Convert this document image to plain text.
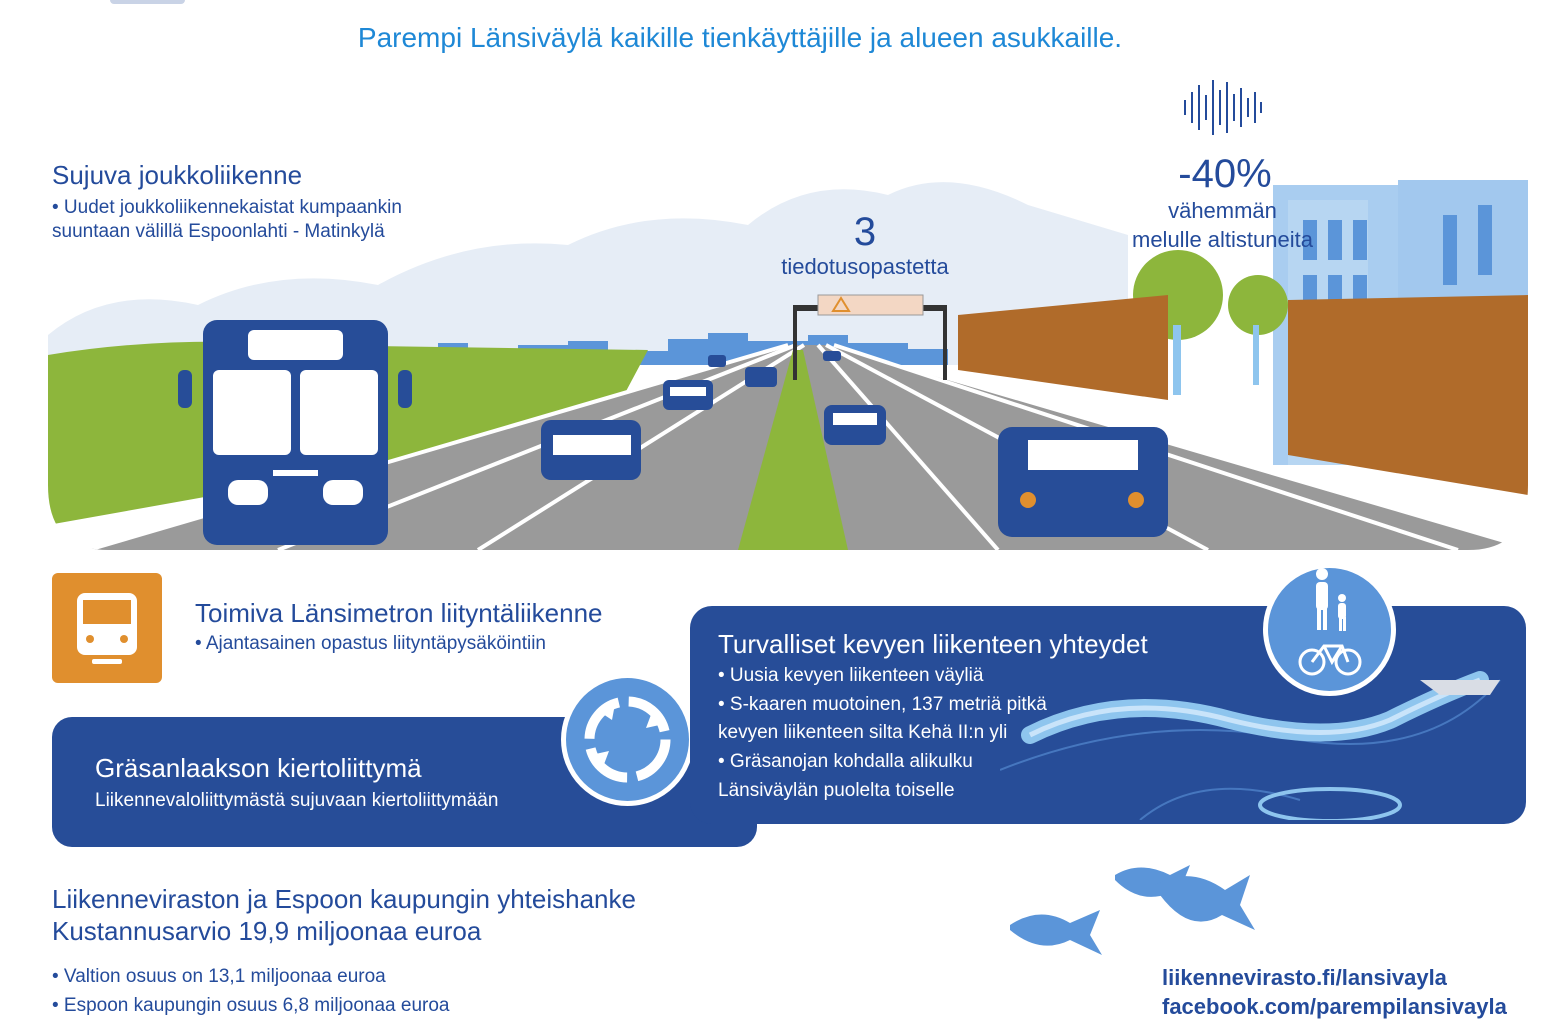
Parempi Länsiväylä kaikille tienkäyttäjille ja alueen asukkaille.
Sujuva joukkoliikenne
• Uudet joukkoliikennekaistat kumpaankin
suuntaan välillä Espoonlahti - Matinkylä	3
tiedotusopastetta
-40%
vähemmän
melulle altistuneita
Toimiva Länsimetron liityntäliikenne
• Ajantasainen opastus liityntäpysäköintiin
Gräsanlaakson kiertoliittymä
Liikennevaloliittymästä sujuvaan kiertoliittymään
Turvalliset kevyen liikenteen yhteydet
• Uusia kevyen liikenteen väyliä
• S-kaaren muotoinen, 137 metriä pitkä
kevyen liikenteen silta Kehä II:n yli
• Gräsanojan kohdalla alikulku
Länsiväylän puolelta toiselle
Liikenneviraston ja Espoon kaupungin yhteishanke
Kustannusarvio 19,9 miljoonaa euroa
• Valtion osuus on 13,1 miljoonaa euroa
• Espoon kaupungin osuus 6,8 miljoonaa euroa
liikennevirasto.fi/lansivayla
facebook.com/parempilansivayla
